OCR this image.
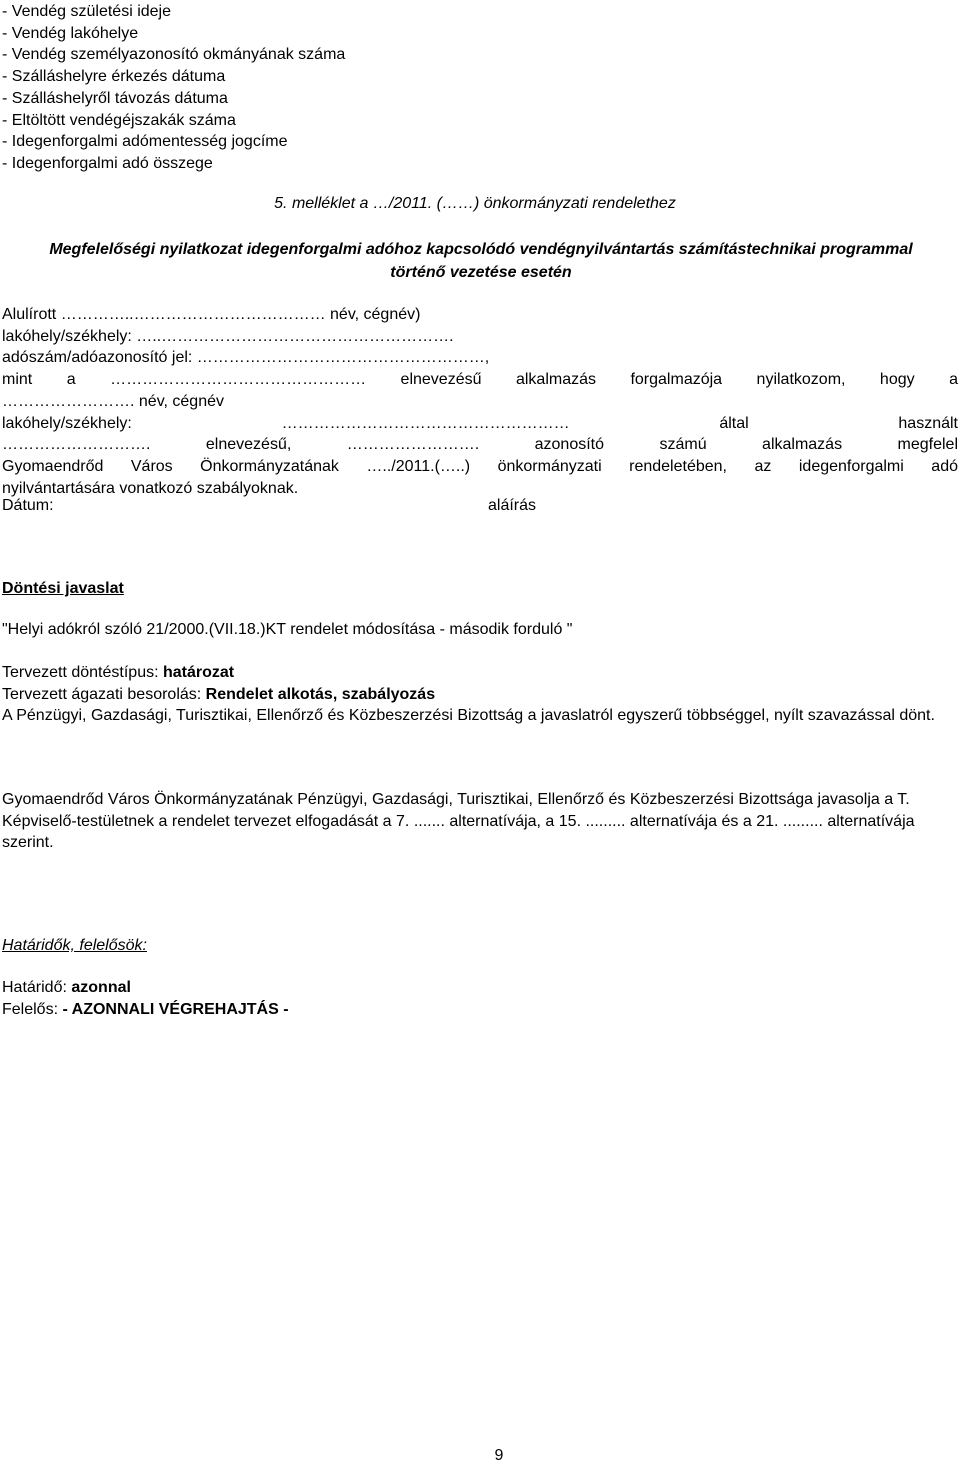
- Vendég születési ideje
- Vendég lakóhelye
- Vendég személyazonosító okmányának száma
- Szálláshelyre érkezés dátuma
- Szálláshelyről távozás dátuma
- Eltöltött vendégéjszakák száma
- Idegenforgalmi adómentesség jogcíme
- Idegenforgalmi adó összege
5. melléklet a …/2011. (……) önkormányzati rendelethez
Megfelelőségi nyilatkozat idegenforgalmi adóhoz kapcsolódó vendégnyilvántartás számítástechnikai programmal történő vezetése esetén
Alulírott …………..……………………………… név, cégnév)
lakóhely/székhely: …..……………………………………………….
adószám/adóazonosító jel: ………………………………………………,
mint a ………………………………………… elnevezésű alkalmazás forgalmazója nyilatkozom, hogy a
……………………. név, cégnév
lakóhely/székhely: ……………………………………………… által használt
………………………. elnevezésű, ……………………. azonosító számú alkalmazás megfelel
Gyomaendrőd Város Önkormányzatának …../2011.(…..) önkormányzati rendeletében, az idegenforgalmi adó
nyilvántartására vonatkozó szabályoknak.
Dátum:	aláírás
Döntési javaslat
"Helyi adókról szóló 21/2000.(VII.18.)KT rendelet módosítása - második forduló "
Tervezett döntéstípus: határozat
Tervezett ágazati besorolás: Rendelet alkotás, szabályozás
A Pénzügyi, Gazdasági, Turisztikai, Ellenőrző és Közbeszerzési Bizottság a javaslatról egyszerű többséggel, nyílt szavazással dönt.
Gyomaendrőd Város Önkormányzatának Pénzügyi, Gazdasági, Turisztikai, Ellenőrző és Közbeszerzési Bizottsága javasolja a T. Képviselő-testületnek a rendelet tervezet elfogadását a 7. ....... alternatívája, a 15. ......... alternatívája és a 21. ......... alternatívája szerint.
Határidők, felelősök:
Határidő: azonnal
Felelős: - AZONNALI VÉGREHAJTÁS -
9
